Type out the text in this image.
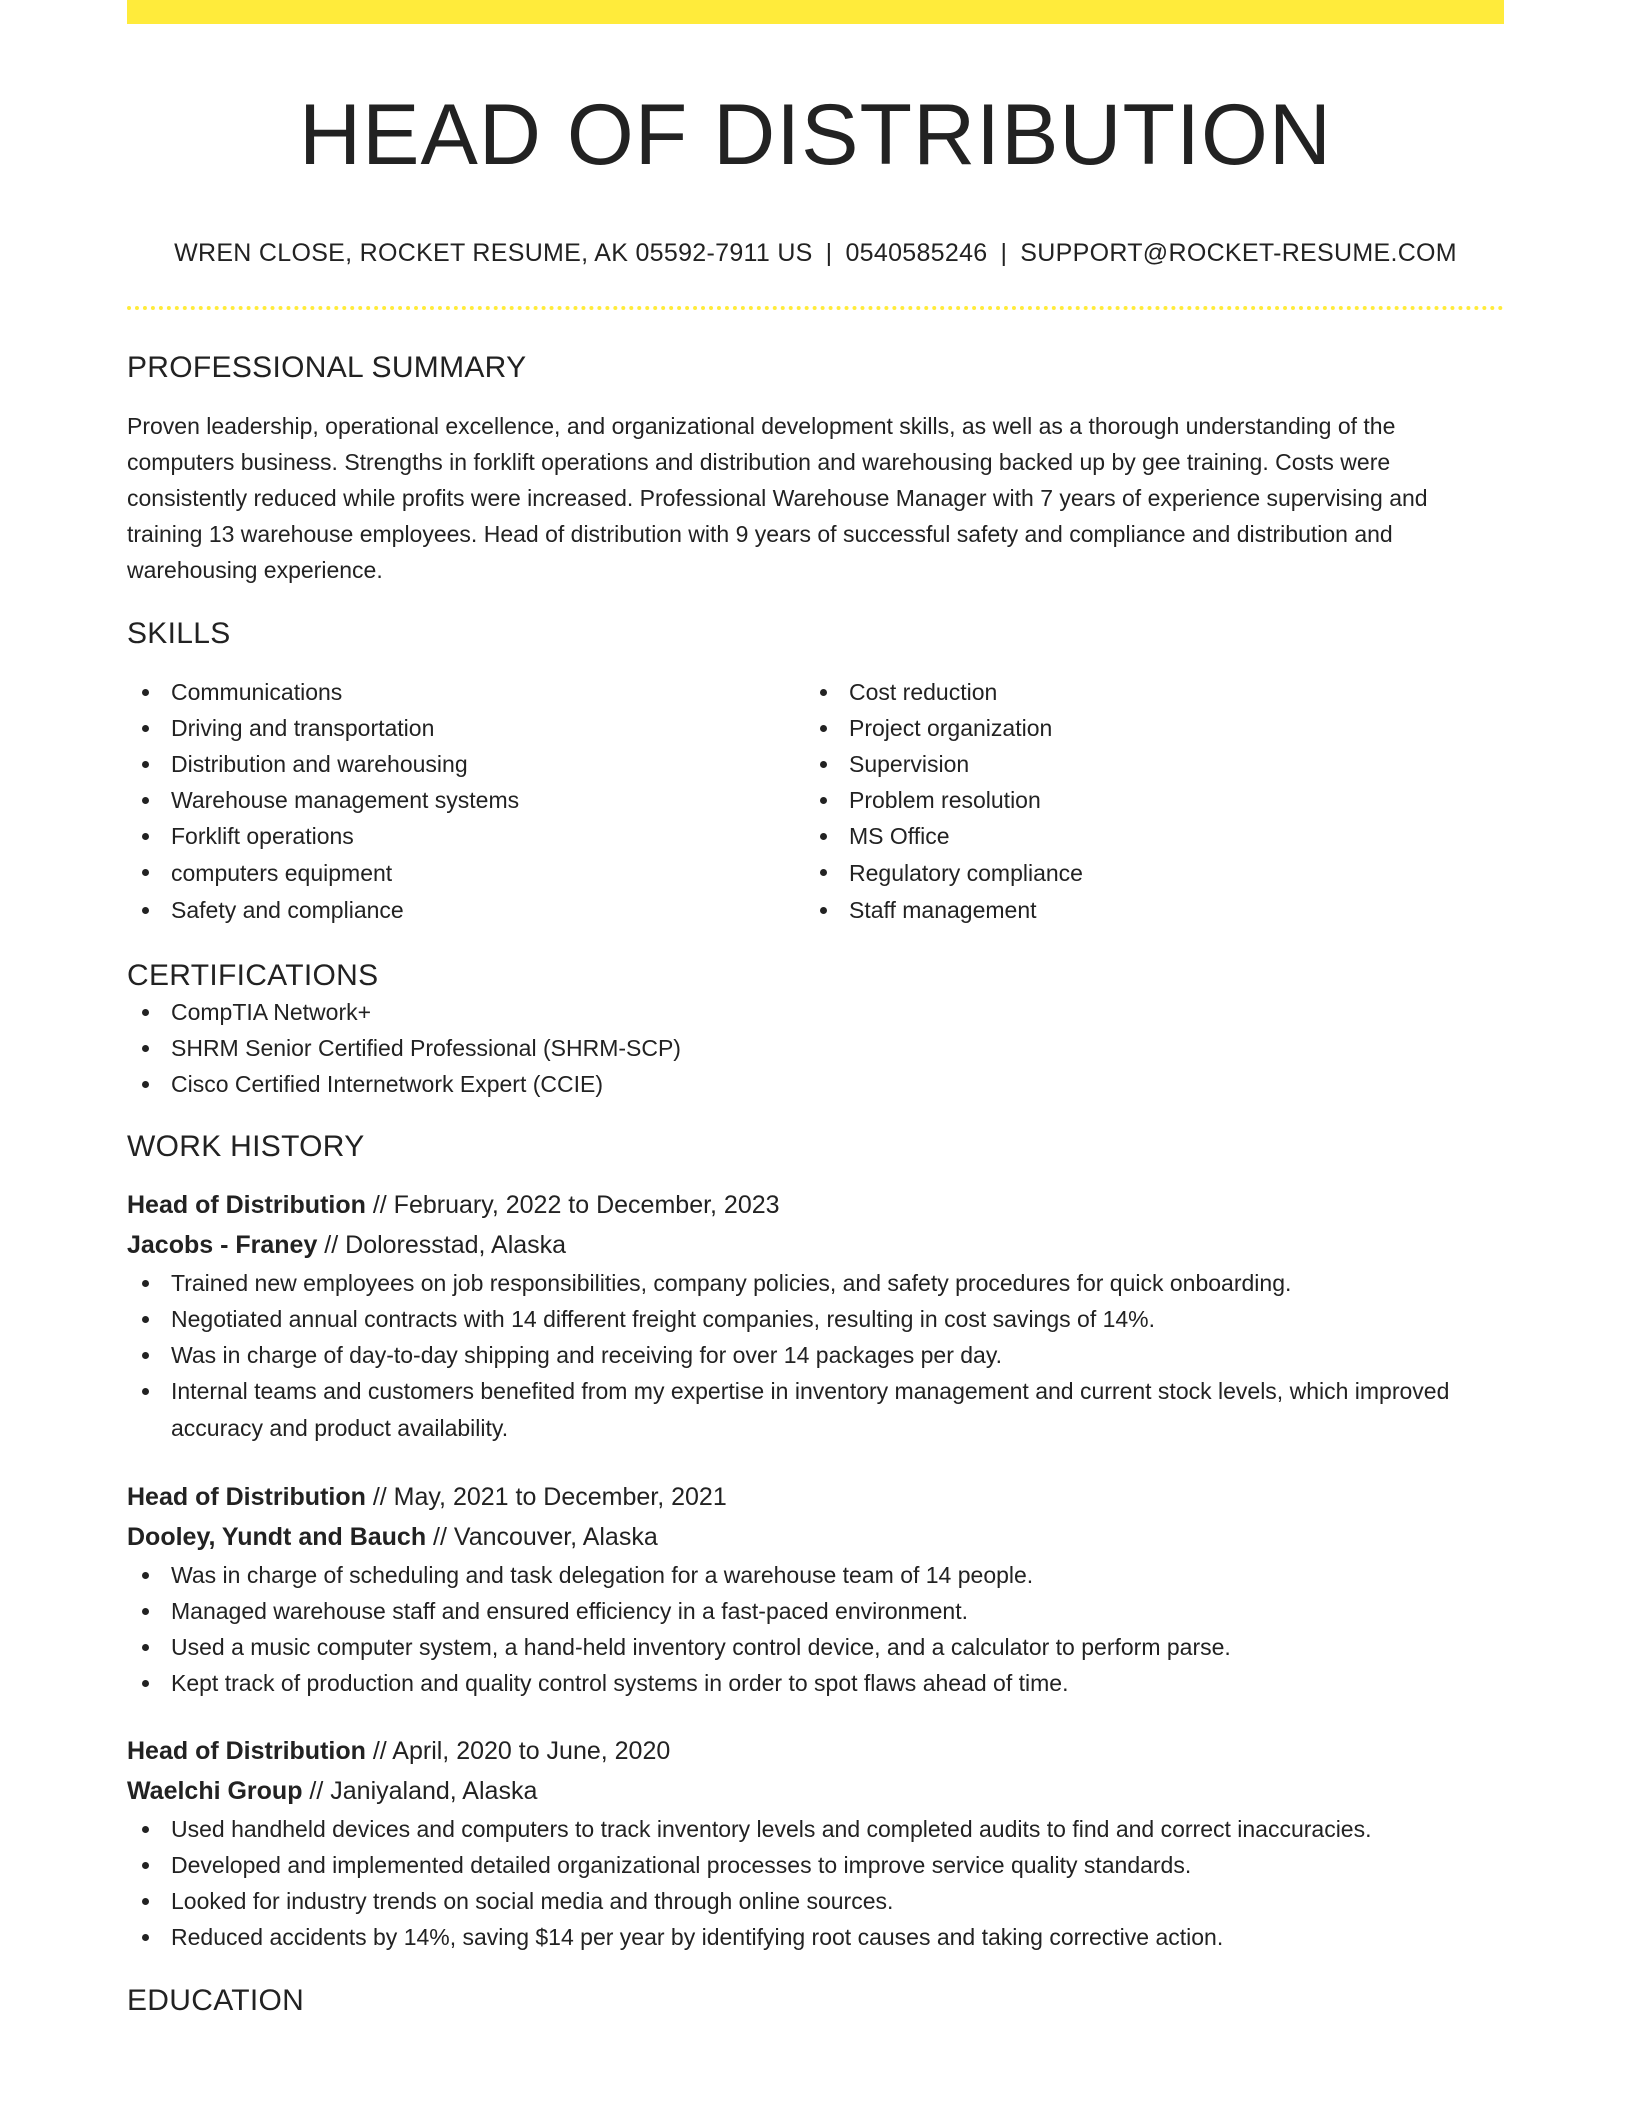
HEAD OF DISTRIBUTION
WREN CLOSE, ROCKET RESUME, AK 05592-7911 US | 0540585246 | SUPPORT@ROCKET-RESUME.COM
PROFESSIONAL SUMMARY

Proven leadership, operational excellence, and organizational development skills, as well as a thorough understanding of the computers business. Strengths in forklift operations and distribution and warehousing backed up by gee training. Costs were consistently reduced while profits were increased. Professional Warehouse Manager with 7 years of experience supervising and training 13 warehouse employees. Head of distribution with 9 years of successful safety and compliance and distribution and warehousing experience.

SKILLS
Communications
Driving and transportation
Distribution and warehousing
Warehouse management systems
Forklift operations
computers equipment
Safety and compliance
Cost reduction
Project organization
Supervision
Problem resolution
MS Office
Regulatory compliance
Staff management
CERTIFICATIONS
CompTIA Network+
SHRM Senior Certified Professional (SHRM-SCP)
Cisco Certified Internetwork Expert (CCIE)
WORK HISTORY
Head of Distribution // February, 2022 to December, 2023
Jacobs - Franey // Doloresstad, Alaska
Trained new employees on job responsibilities, company policies, and safety procedures for quick onboarding.
Negotiated annual contracts with 14 different freight companies, resulting in cost savings of 14%.
Was in charge of day-to-day shipping and receiving for over 14 packages per day.
Internal teams and customers benefited from my expertise in inventory management and current stock levels, which improved accuracy and product availability.
Head of Distribution // May, 2021 to December, 2021
Dooley, Yundt and Bauch // Vancouver, Alaska
Was in charge of scheduling and task delegation for a warehouse team of 14 people.
Managed warehouse staff and ensured efficiency in a fast-paced environment.
Used a music computer system, a hand-held inventory control device, and a calculator to perform parse.
Kept track of production and quality control systems in order to spot flaws ahead of time.
Head of Distribution // April, 2020 to June, 2020
Waelchi Group // Janiyaland, Alaska
Used handheld devices and computers to track inventory levels and completed audits to find and correct inaccuracies.
Developed and implemented detailed organizational processes to improve service quality standards.
Looked for industry trends on social media and through online sources.
Reduced accidents by 14%, saving $14 per year by identifying root causes and taking corrective action.
EDUCATION
